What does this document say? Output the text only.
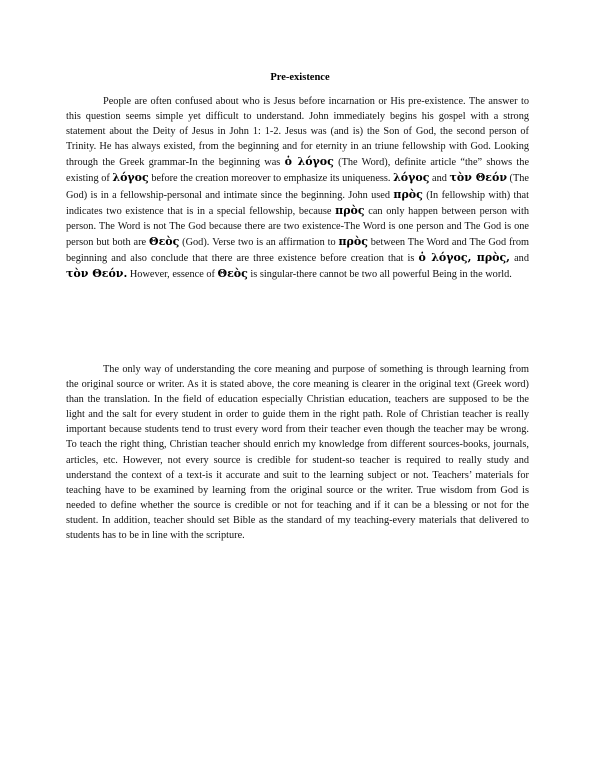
Pre-existence

People are often confused about who is Jesus before incarnation or His pre-existence. The answer to this question seems simple yet difficult to understand. John immediately begins his gospel with a strong statement about the Deity of Jesus in John 1: 1-2. Jesus was (and is) the Son of God, the second person of Trinity. He has always existed, from the beginning and for eternity in an triune fellowship with God. Looking through the Greek grammar-In the beginning was ὁ λόγος (The Word), definite article “the” shows the existing of λόγος before the creation moreover to emphasize its uniqueness. λόγος and τὸν Θεόν (The God) is in a fellowship-personal and intimate since the beginning. John used πρὸς (In fellowship with) that indicates two existence that is in a special fellowship, because πρὸς can only happen between person with person. The Word is not The God because there are two existence-The Word is one person and The God is one person but both are Θεὸς (God). Verse two is an affirmation to πρὸς between The Word and The God from beginning and also conclude that there are three existence before creation that is ὁ λόγος, πρὸς, and τὸν Θεόν. However, essence of Θεὸς is singular-there cannot be two all powerful Being in the world.

The only way of understanding the core meaning and purpose of something is through learning from the original source or writer. As it is stated above, the core meaning is clearer in the original text (Greek word) than the translation. In the field of education especially Christian education, teachers are supposed to be the light and the salt for every student in order to guide them in the right path. Role of Christian teacher is really important because students tend to trust every word from their teacher even though the teacher may be wrong. To teach the right thing, Christian teacher should enrich my knowledge from different sources-books, journals, articles, etc. However, not every source is credible for student-so teacher is required to really study and understand the context of a text-is it accurate and suit to the learning subject or not. Teachers’ materials for teaching have to be examined by learning from the original source or the writer. True wisdom from God is needed to define whether the source is credible or not for teaching and if it can be a blessing or not for the student. In addition, teacher should set Bible as the standard of my teaching-every materials that delivered to students has to be in line with the scripture.
